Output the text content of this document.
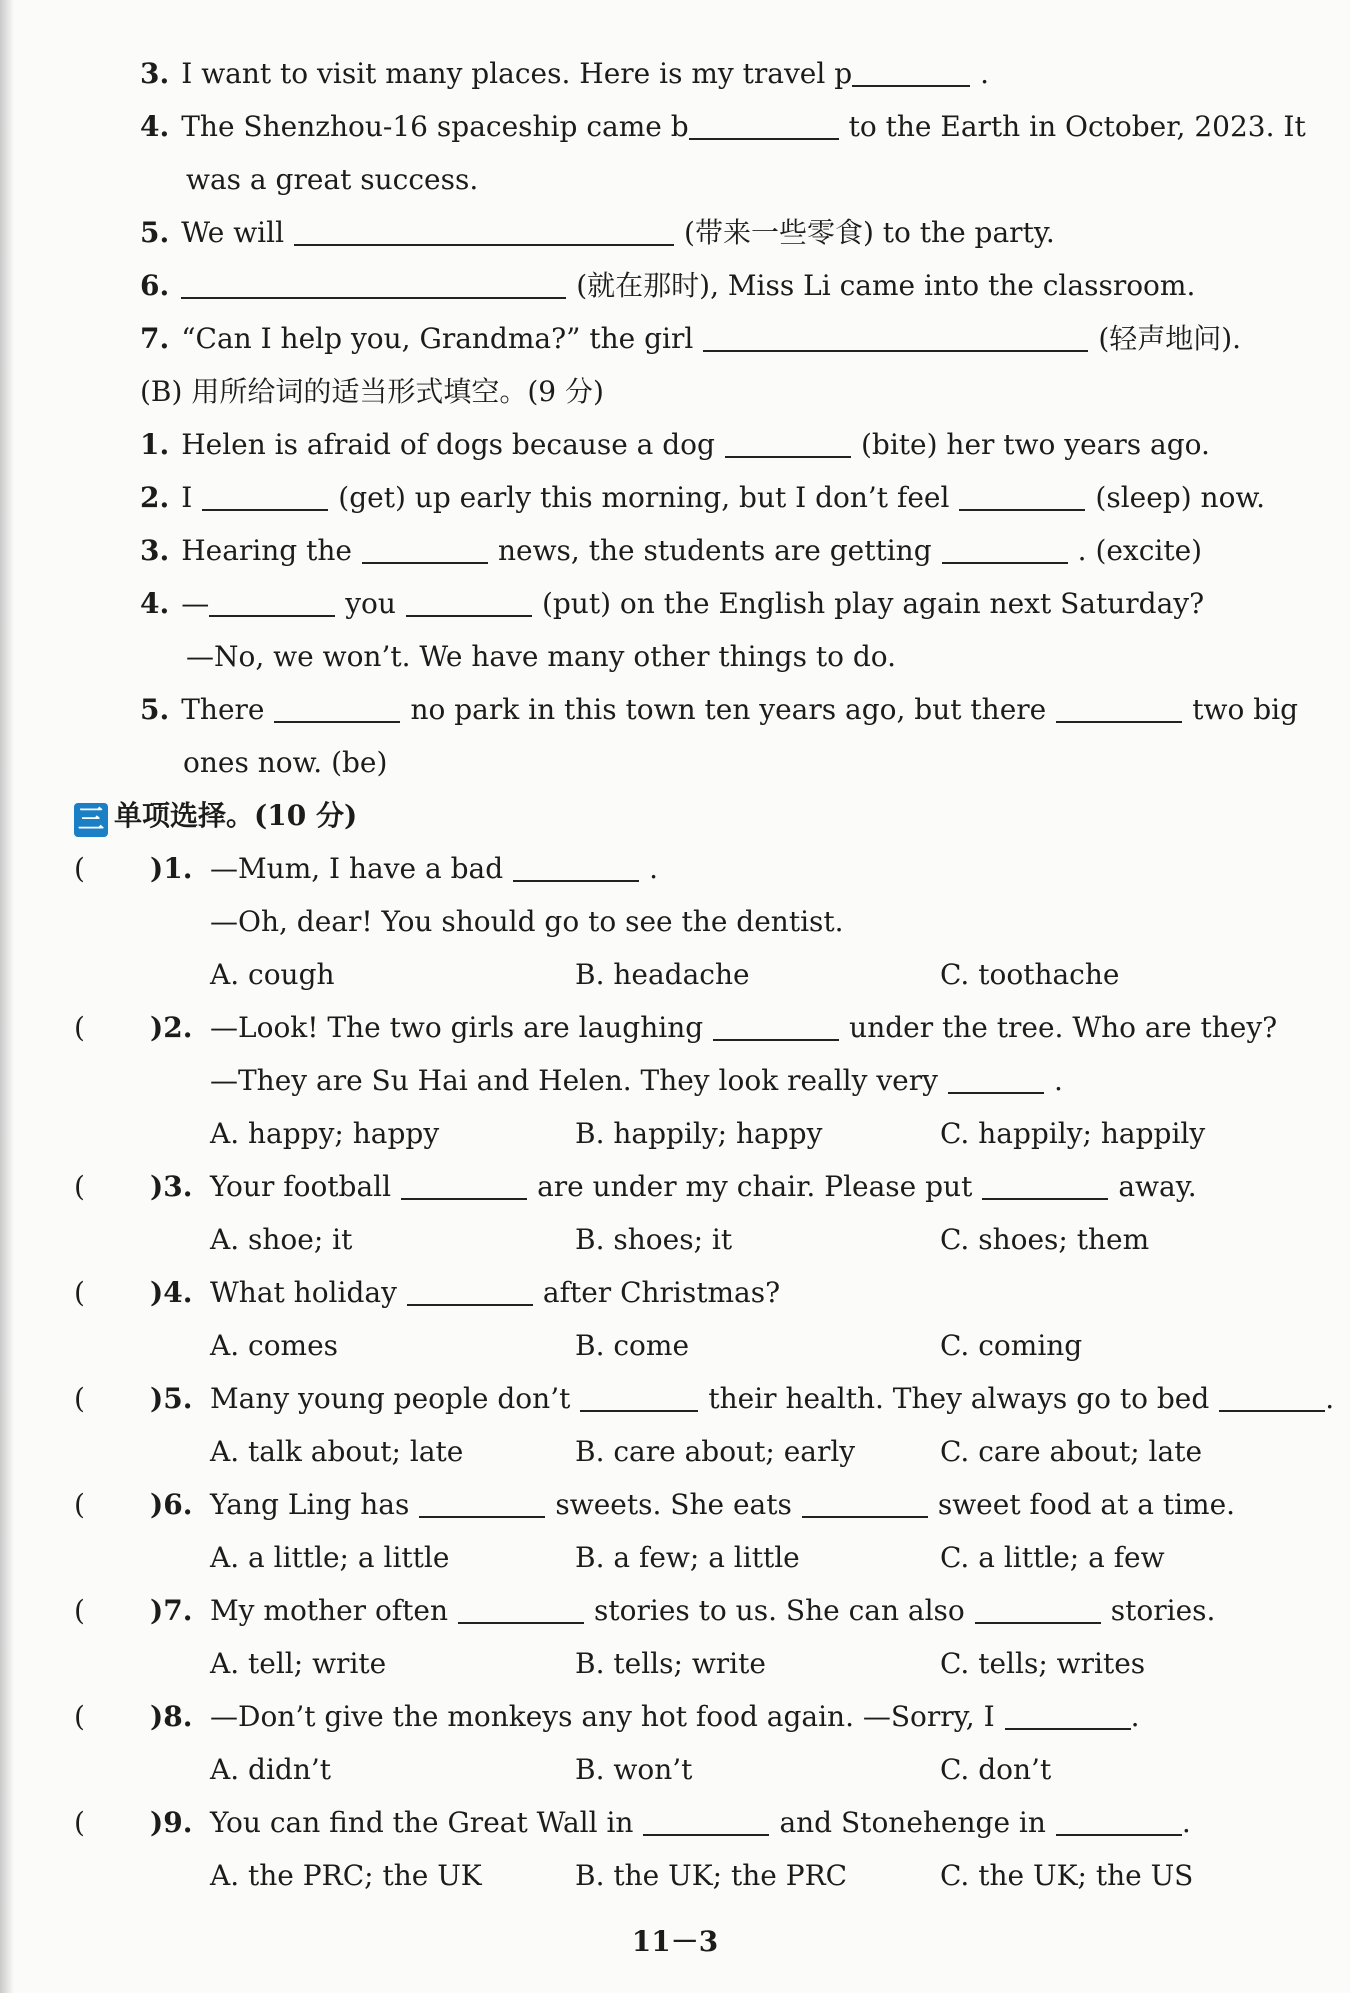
3. I want to visit many places. Here is my travel p	.
4. The Shenzhou-16 spaceship came b	to the Earth in October, 2023. It
was a great success.
5. We will	(带来一些零食) to the party.
6.	(就在那时), Miss Li came into the classroom.
7. “Can I help you, Grandma?” the girl	(轻声地问).
(B) 用所给词的适当形式填空。(9 分)
1. Helen is afraid of dogs because a dog	(bite) her two years ago.
2. I	(get) up early this morning, but I don’t feel	(sleep) now.
3. Hearing the	news, the students are getting	. (excite)
4. —	you	(put) on the English play again next Saturday?
—No, we won’t. We have many other things to do.
5. There	no park in this town ten years ago, but there	two big
ones now. (be)
三 单项选择。(10 分)
( )1. —Mum, I have a bad	.
—Oh, dear! You should go to see the dentist.
A. cough	B. headache	C. toothache
( )2. —Look! The two girls are laughing	under the tree. Who are they?
—They are Su Hai and Helen. They look really very	.
A. happy; happy	B. happily; happy	C. happily; happily
( )3. Your football	are under my chair. Please put	away.
A. shoe; it	B. shoes; it	C. shoes; them
( )4. What holiday	after Christmas?
A. comes	B. come	C. coming
( )5. Many young people don’t	their health. They always go to bed	.
A. talk about; late	B. care about; early	C. care about; late
( )6. Yang Ling has	sweets. She eats	sweet food at a time.
A. a little; a little	B. a few; a little	C. a little; a few
( )7. My mother often	stories to us. She can also	stories.
A. tell; write	B. tells; write	C. tells; writes
( )8. —Don’t give the monkeys any hot food again. —Sorry, I	.
A. didn’t	B. won’t	C. don’t
( )9. You can find the Great Wall in	and Stonehenge in	.
A. the PRC; the UK	B. the UK; the PRC	C. the UK; the US
11－3
